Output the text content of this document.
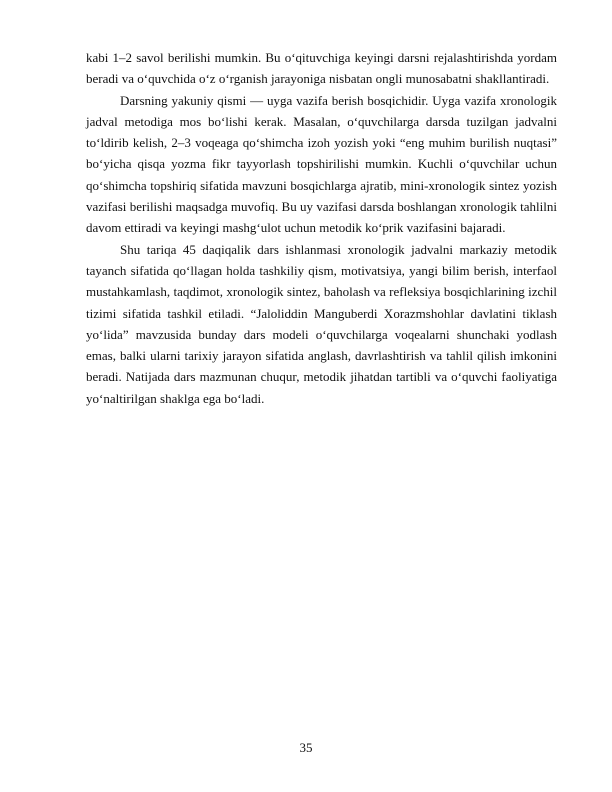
kabi 1–2 savol berilishi mumkin. Bu o‘qituvchiga keyingi darsni rejalashtirishda yordam beradi va o‘quvchida o‘z o‘rganish jarayoniga nisbatan ongli munosabatni shakllantiradi.

Darsning yakuniy qismi — uyga vazifa berish bosqichidir. Uyga vazifa xronologik jadval metodiga mos bo‘lishi kerak. Masalan, o‘quvchilarga darsda tuzilgan jadvalni to‘ldirib kelish, 2–3 voqeaga qo‘shimcha izoh yozish yoki “eng muhim burilish nuqtasi” bo‘yicha qisqa yozma fikr tayyorlash topshirilishi mumkin. Kuchli o‘quvchilar uchun qo‘shimcha topshiriq sifatida mavzuni bosqichlarga ajratib, mini-xronologik sintez yozish vazifasi berilishi maqsadga muvofiq. Bu uy vazifasi darsda boshlangan xronologik tahlilni davom ettiradi va keyingi mashg‘ulot uchun metodik ko‘prik vazifasini bajaradi.

Shu tariqa 45 daqiqalik dars ishlanmasi xronologik jadvalni markaziy metodik tayanch sifatida qo‘llagan holda tashkiliy qism, motivatsiya, yangi bilim berish, interfaol mustahkamlash, taqdimot, xronologik sintez, baholash va refleksiya bosqichlarining izchil tizimi sifatida tashkil etiladi. “Jaloliddin Manguberdi Xorazmshohlar davlatini tiklash yo‘lida” mavzusida bunday dars modeli o‘quvchilarga voqealarni shunchaki yodlash emas, balki ularni tarixiy jarayon sifatida anglash, davrlashtirish va tahlil qilish imkonini beradi. Natijada dars mazmunan chuqur, metodik jihatdan tartibli va o‘quvchi faoliyatiga yo‘naltirilgan shaklga ega bo‘ladi.

35
